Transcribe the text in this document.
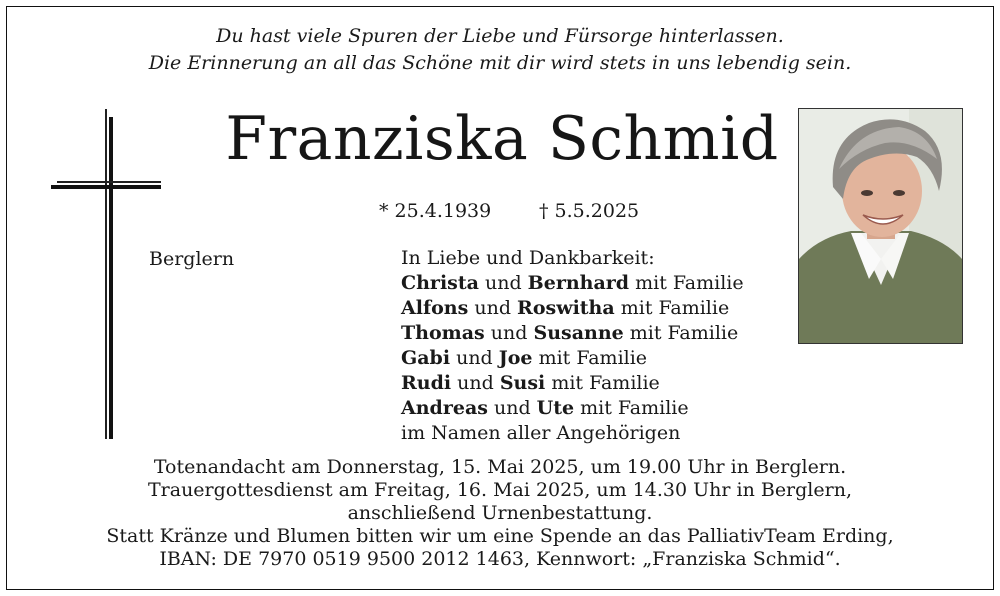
Du hast viele Spuren der Liebe und Fürsorge hinterlassen.
Die Erinnerung an all das Schöne mit dir wird stets in uns lebendig sein.
Franziska Schmid
* 25.4.1939	† 5.5.2025
Berglern	In Liebe und Dankbarkeit:
Christa und Bernhard mit Familie
Alfons und Roswitha mit Familie
Thomas und Susanne mit Familie
Gabi und Joe mit Familie
Rudi und Susi mit Familie
Andreas und Ute mit Familie
im Namen aller Angehörigen
Totenandacht am Donnerstag, 15. Mai 2025, um 19.00 Uhr in Berglern.
Trauergottesdienst am Freitag, 16. Mai 2025, um 14.30 Uhr in Berglern,
anschließend Urnenbestattung.
Statt Kränze und Blumen bitten wir um eine Spende an das PalliativTeam Erding,
IBAN: DE 7970 0519 9500 2012 1463, Kennwort: „Franziska Schmid“.
